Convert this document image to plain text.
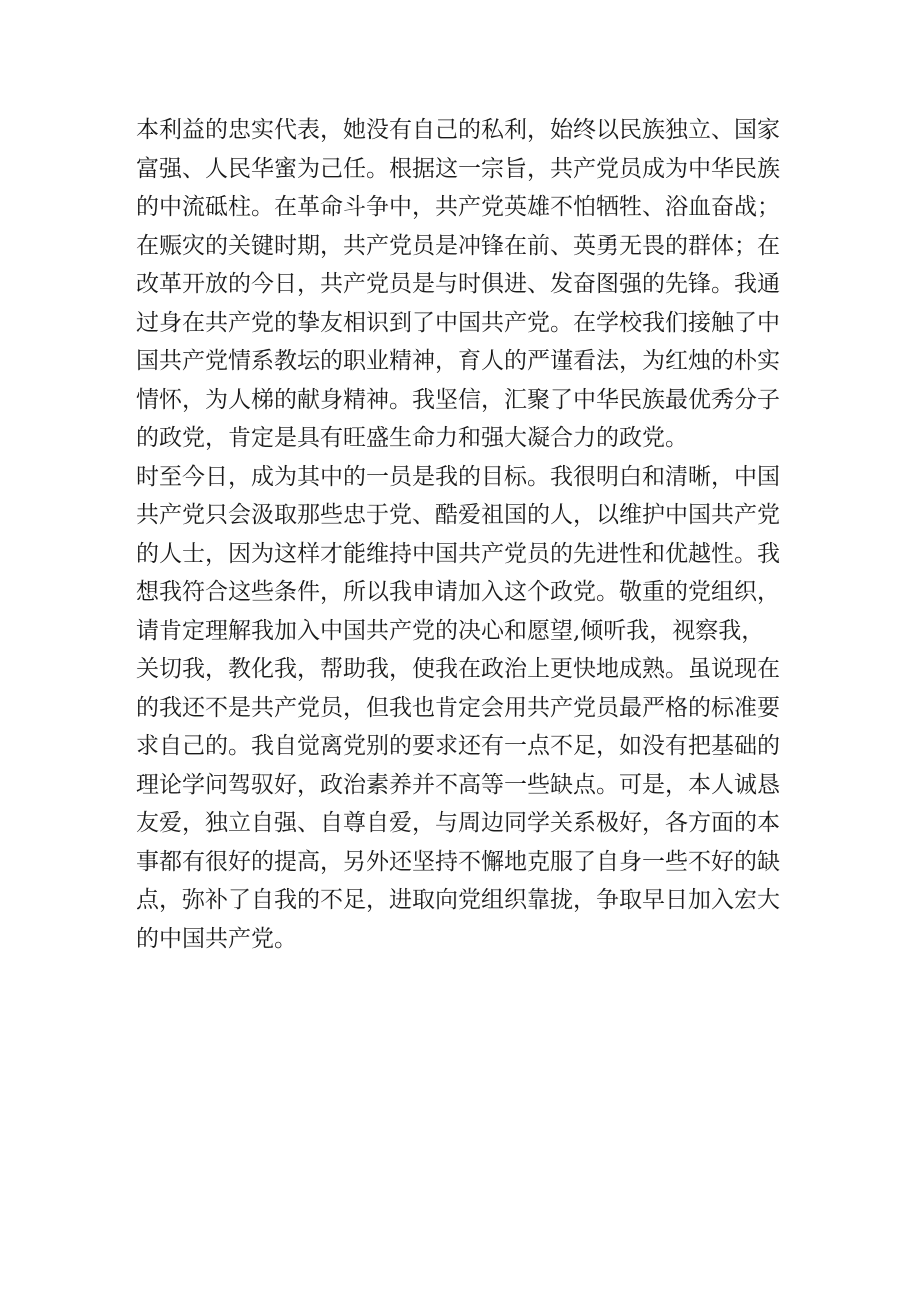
本利益的忠实代表，她没有自己的私利，始终以民族独立、国家
富强、人民华蜜为己任。根据这一宗旨，共产党员成为中华民族
的中流砥柱。在革命斗争中，共产党英雄不怕牺牲、浴血奋战；
在赈灾的关键时期，共产党员是冲锋在前、英勇无畏的群体；在
改革开放的今日，共产党员是与时俱进、发奋图强的先锋。我通
过身在共产党的挚友相识到了中国共产党。在学校我们接触了中
国共产党情系教坛的职业精神，育人的严谨看法，为红烛的朴实
情怀，为人梯的献身精神。我坚信，汇聚了中华民族最优秀分子
的政党，肯定是具有旺盛生命力和强大凝合力的政党。
时至今日，成为其中的一员是我的目标。我很明白和清晰，中国
共产党只会汲取那些忠于党、酷爱祖国的人，以维护中国共产党
的人士，因为这样才能维持中国共产党员的先进性和优越性。我
想我符合这些条件，所以我申请加入这个政党。敬重的党组织，
请肯定理解我加入中国共产党的决心和愿望,倾听我，视察我，
关切我，教化我，帮助我，使我在政治上更快地成熟。虽说现在
的我还不是共产党员，但我也肯定会用共产党员最严格的标准要
求自己的。我自觉离党别的要求还有一点不足，如没有把基础的
理论学问驾驭好，政治素养并不高等一些缺点。可是，本人诚恳
友爱，独立自强、自尊自爱，与周边同学关系极好，各方面的本
事都有很好的提高，另外还坚持不懈地克服了自身一些不好的缺
点，弥补了自我的不足，进取向党组织靠拢，争取早日加入宏大
的中国共产党。
